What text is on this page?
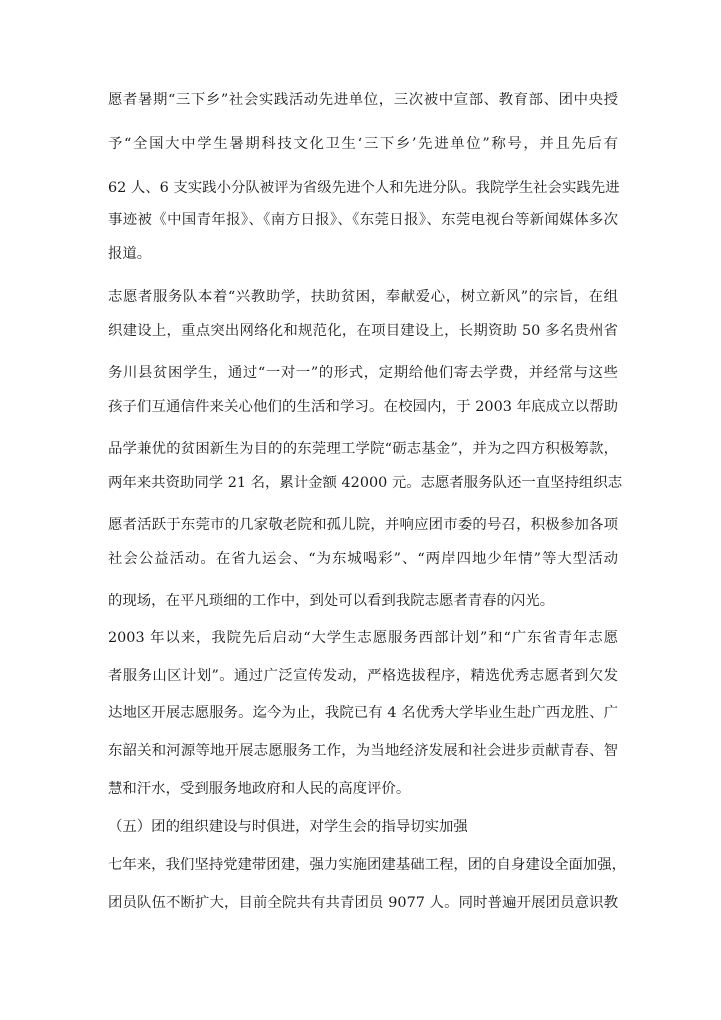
愿者暑期“三下乡”社会实践活动先进单位，三次被中宣部、教育部、团中央授
予“全国大中学生暑期科技文化卫生‘三下乡’先进单位”称号，并且先后有
62 人、6 支实践小分队被评为省级先进个人和先进分队。我院学生社会实践先进
事迹被《中国青年报》、《南方日报》、《东莞日报》、东莞电视台等新闻媒体多次
报道。
志愿者服务队本着“兴教助学，扶助贫困，奉献爱心，树立新风”的宗旨，在组
织建设上，重点突出网络化和规范化，在项目建设上，长期资助 50 多名贵州省
务川县贫困学生，通过“一对一”的形式，定期给他们寄去学费，并经常与这些
孩子们互通信件来关心他们的生活和学习。在校园内，于 2003 年底成立以帮助
品学兼优的贫困新生为目的的东莞理工学院“砺志基金”，并为之四方积极筹款，
两年来共资助同学 21 名，累计金额 42000 元。志愿者服务队还一直坚持组织志
愿者活跃于东莞市的几家敬老院和孤儿院，并响应团市委的号召，积极参加各项
社会公益活动。在省九运会、“为东城喝彩”、“两岸四地少年情”等大型活动
的现场，在平凡琐细的工作中，到处可以看到我院志愿者青春的闪光。
2003 年以来，我院先后启动“大学生志愿服务西部计划”和“广东省青年志愿
者服务山区计划”。通过广泛宣传发动，严格选拔程序，精选优秀志愿者到欠发
达地区开展志愿服务。迄今为止，我院已有 4 名优秀大学毕业生赴广西龙胜、广
东韶关和河源等地开展志愿服务工作，为当地经济发展和社会进步贡献青春、智
慧和汗水，受到服务地政府和人民的高度评价。
（五）团的组织建设与时俱进，对学生会的指导切实加强
七年来，我们坚持党建带团建，强力实施团建基础工程，团的自身建设全面加强，
团员队伍不断扩大，目前全院共有共青团员 9077 人。同时普遍开展团员意识教
